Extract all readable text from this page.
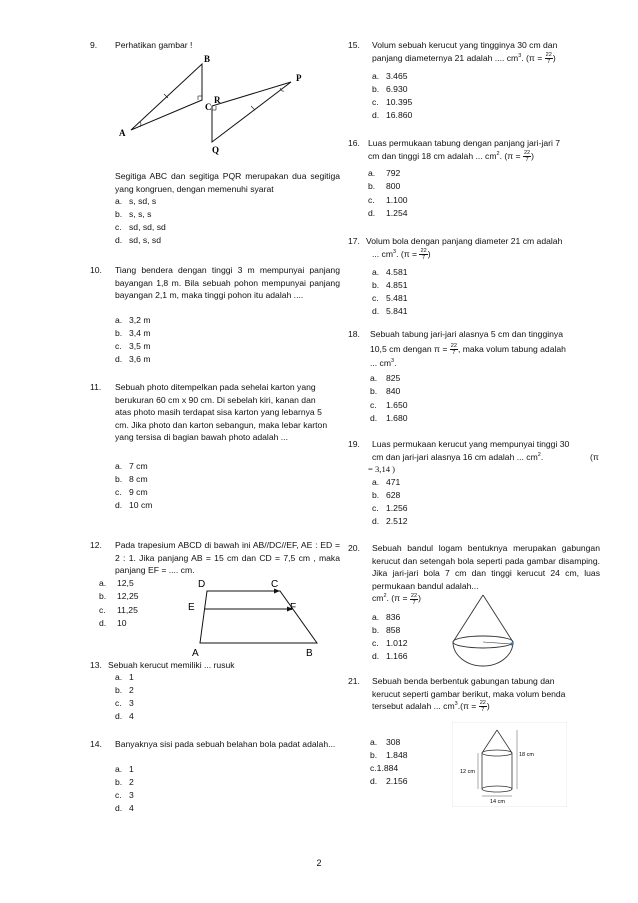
9. Perhatikan gambar !
A
B
C
P
Q
R
Segitiga ABC dan segitiga PQR merupakan dua segitiga yang kongruen, dengan memenuhi syarat
a. s, sd, s
b. s, s, s
c. sd, sd, sd
d. sd, s, sd
10. Tiang bendera dengan tinggi 3 m mempunyai panjang bayangan 1,8 m. Bila sebuah pohon mempunyai panjang bayangan 2,1 m, maka tinggi pohon itu adalah ....
a. 3,2 m
b. 3,4 m
c. 3,5 m
d. 3,6 m
11. Sebuah photo ditempelkan pada sehelai karton yang berukuran 60 cm x 90 cm. Di sebelah kiri, kanan dan atas photo masih terdapat sisa karton yang lebarnya 5 cm. Jika photo dan karton sebangun, maka lebar karton yang tersisa di bagian bawah photo adalah ...
a. 7 cm
b. 8 cm
c. 9 cm
d. 10 cm
12. Pada trapesium ABCD di bawah ini AB//DC//EF, AE : ED = 2 : 1. Jika panjang AB = 15 cm dan CD = 7,5 cm , maka panjang EF = .... cm.
a. 12,5
b. 12,25
c. 11,25
d. 10
D	C
E	F
A	B
13. Sebuah kerucut memiliki ... rusuk
a. 1
b. 2
c. 3
d. 4
14. Banyaknya sisi pada sebuah belahan bola padat adalah...
a. 1
b. 2
c. 3
d. 4
15. Volum sebuah kerucut yang tingginya 30 cm dan
panjang diameternya 21 adalah .... $cm^3$. ($\pi = \frac{22}{7}$ )
a. 3.465
b. 6.930
c. 10.395
d. 16.860
16. Luas permukaan tabung dengan panjang jari-jari 7
cm dan tinggi 18 cm adalah ... $cm^2$. ($\pi = \frac{22}{7}$ )
a. 792
b. 800
c. 1.100
d. 1.254
17. Volum bola dengan panjang diameter 21 cm adalah
... $cm^3$. ($\pi = \frac{22}{7}$ )
a. 4.581
b. 4.851
c. 5.481
d. 5.841
18. Sebuah tabung jari-jari alasnya 5 cm dan tingginya
10,5 cm dengan $\pi = \frac{22}{7}$ , maka volum tabung adalah
... $cm^3$.
a. 825
b. 840
c. 1.650
d. 1.680
19. Luas permukaan kerucut yang mempunyai tinggi 30
cm dan jari-jari alasnya 16 cm adalah ... $cm^2$.	(π
= 3,14 )
a. 471
b. 628
c. 1.256
d. 2.512
20. Sebuah bandul logam bentuknya merupakan gabungan kerucut dan setengah bola seperti pada gambar disamping. Jika jari-jari bola 7 cm dan tinggi kerucut 24 cm, luas permukaan bandul adalah...
$cm^2$. ($\pi = \frac{22}{7}$ )
a. 836
b. 858
c. 1.012
d. 1.166
21. Sebuah benda berbentuk gabungan tabung dan
kerucut seperti gambar berikut, maka volum benda
tersebut adalah ... $cm^3.(\pi = \frac{22}{7}$ )
a. 308
b. 1.848
c.1.884
d. 2.156
18 cm
12 cm
14 cm
2
